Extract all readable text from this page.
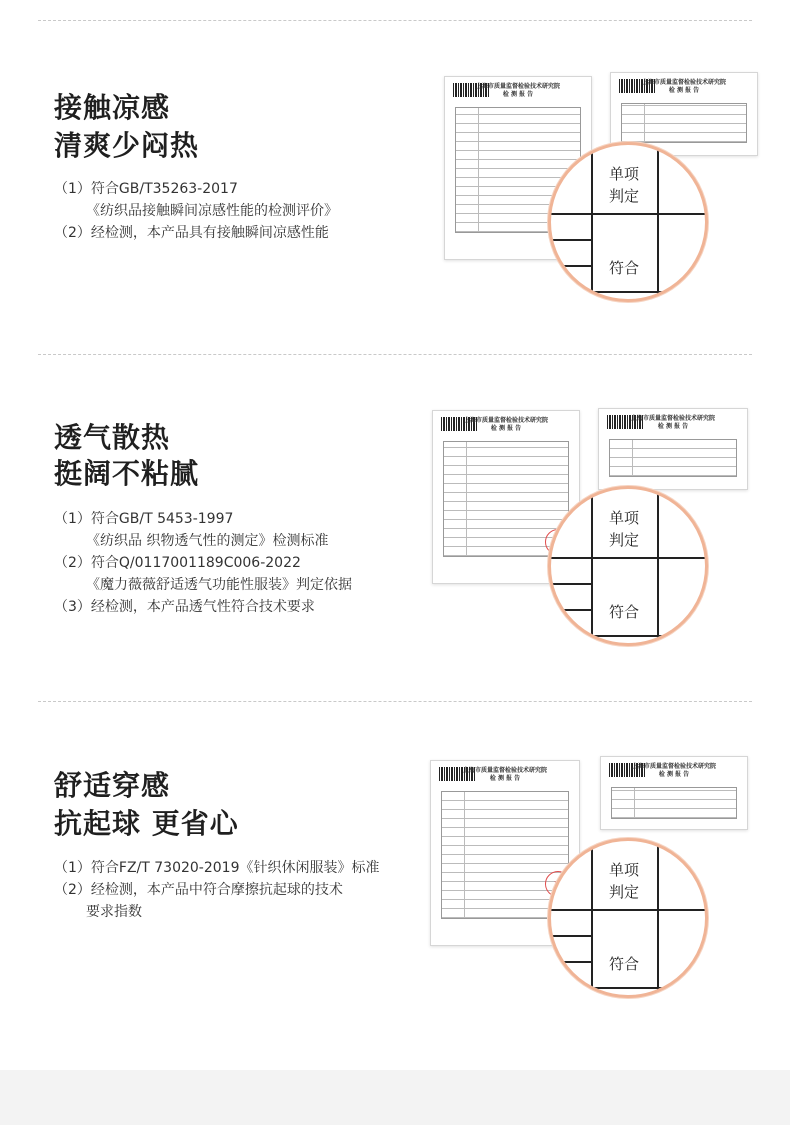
接触凉感
清爽少闷热
（1）符合GB/T35263-2017
《纺织品接触瞬间凉感性能的检测评价》
（2）经检测，本产品具有接触瞬间凉感性能
上海市质量监督检验技术研究院
检 测 报 告
上海市质量监督检验技术研究院
检 测 报 告
单项
判定
符合
透气散热
挺阔不粘腻
（1）符合GB/T 5453-1997
《纺织品 织物透气性的测定》检测标准
（2）符合Q/0117001189C006-2022
《魔力薇薇舒适透气功能性服装》判定依据
（3）经检测，本产品透气性符合技术要求
上海市质量监督检验技术研究院
检 测 报 告
上海市质量监督检验技术研究院
检 测 报 告
单项
判定
符合
舒适穿感
抗起球 更省心
（1）符合FZ/T 73020-2019《针织休闲服装》标准
（2）经检测，本产品中符合摩擦抗起球的技术
要求指数
上海市质量监督检验技术研究院
检 测 报 告
上海市质量监督检验技术研究院
检 测 报 告
单项
判定
符合
